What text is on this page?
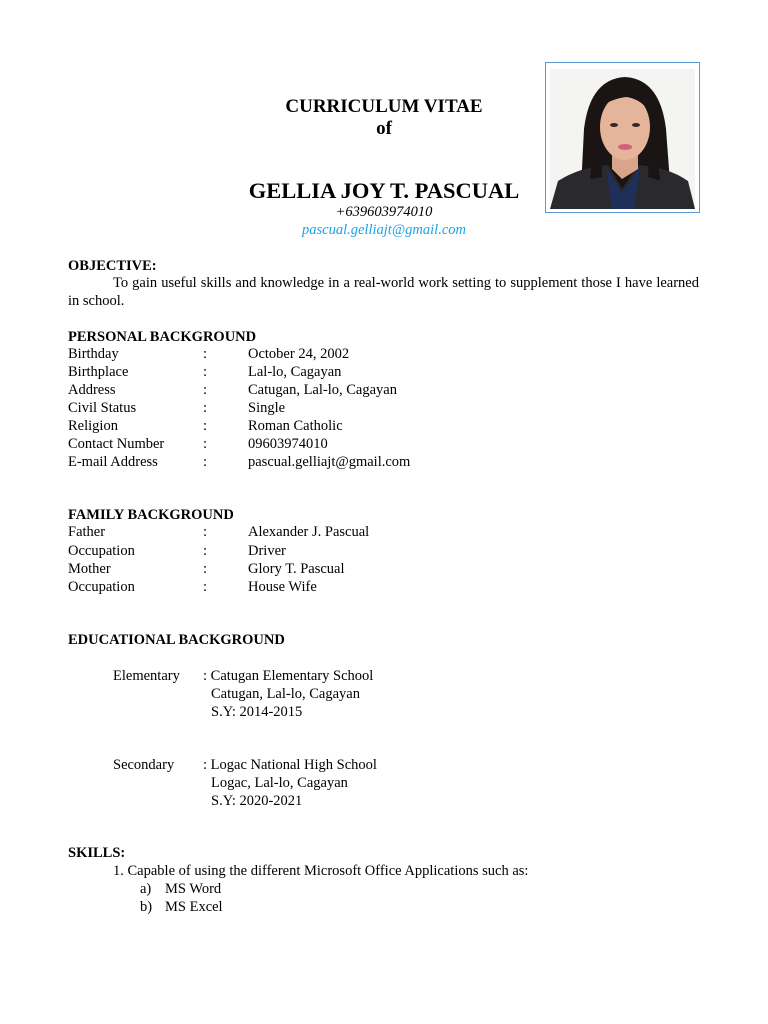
CURRICULUM VITAE
of
GELLIA JOY T. PASCUAL
+639603974010
pascual.gelliajt@gmail.com
OBJECTIVE:
To gain useful skills and knowledge in a real-world work setting to supplement those I have learned in school.
PERSONAL BACKGROUND
Birthday	:	October 24, 2002
Birthplace	:	Lal-lo, Cagayan
Address	:	Catugan, Lal-lo, Cagayan
Civil Status	:	Single
Religion	:	Roman Catholic
Contact Number	:	09603974010
E-mail Address	:	pascual.gelliajt@gmail.com
FAMILY BACKGROUND
Father	:	Alexander J. Pascual
Occupation	:	Driver
Mother	:	Glory T. Pascual
Occupation	:	House Wife
EDUCATIONAL BACKGROUND
Elementary : Catugan Elementary School
Catugan, Lal-lo, Cagayan
S.Y: 2014-2015
Secondary : Logac National High School
Logac, Lal-lo, Cagayan
S.Y: 2020-2021
SKILLS:
1. Capable of using the different Microsoft Office Applications such as:
a) MS Word
b) MS Excel
